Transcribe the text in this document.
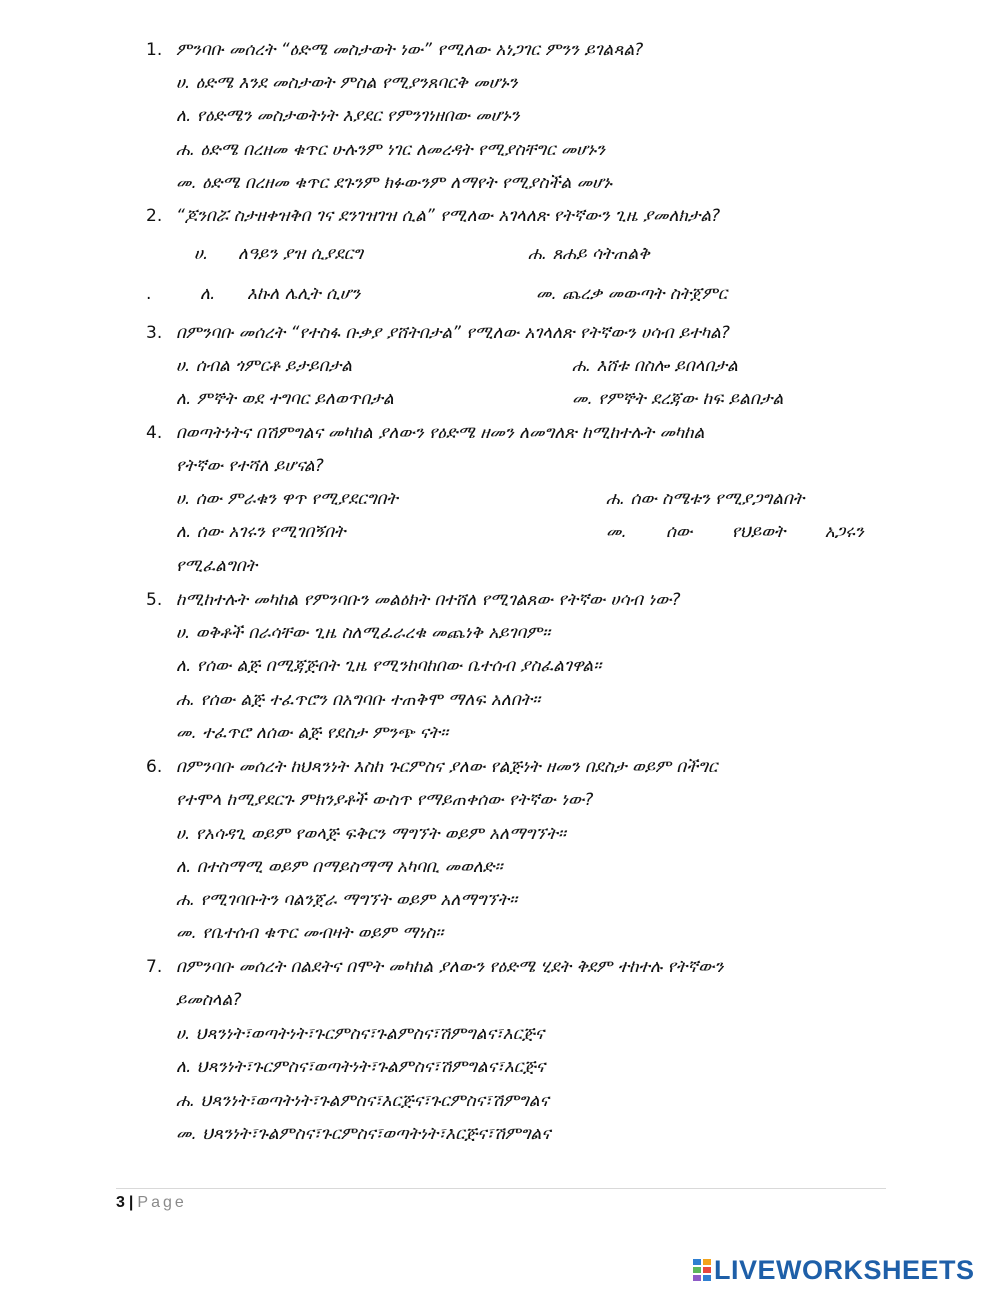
1. ምንባቡ መሰረት “ዕድሜ መስታወት ነው” የሚለው አነጋገር ምንን ይገልጻል?
ሀ. ዕድሜ እንደ መስታወት ምስል የሚያንጸባርቅ መሆኑን
ለ. የዕድሜን መስታወትነት እያደር የምንገነዘበው መሆኑን
ሐ. ዕድሜ በረዘመ ቁጥር ሁሉንም ነገር ለመረዳት የሚያስቸግር መሆኑን
መ. ዕድሜ በረዘመ ቁጥር ደጉንም ክፉውንም ለማየት የሚያስችል መሆኑ
2. “ጆንበሯ ስታዘቀዝቅበ ገና ደንገዝገዝ ሲል” የሚለው አገላለጽ የትኛውን ጊዜ ያመለክታል?
ሀ. ለዓይን ያዝ ሲያደርግ	ሐ. ጸሐይ ሳትጠልቅ
.	ለ. እኩለ ሌሊት ሲሆን	መ. ጨረቃ መውጣት ስትጀምር
3. በምንባቡ መሰረት “የተስፋ ቡቃያ ያሸትበታል” የሚለው አገላለጽ የትኛውን ሀሳብ ይተካል?
ሀ. ሰብል ጎምርቶ ይታይበታል	ሐ. እሸቱ በስሎ ይበላበታል
ለ. ምኞት ወደ ተግባር ይለወጥበታል	መ. የምኞት ደረጃው ከፍ ይልበታል
4. በወጣትነትና በሽምግልና መካከል ያለውን የዕድሜ ዘመን ለመግለጽ ከሚከተሉት መካከል
የትኛው የተሻለ ይሆናል?
ሀ. ሰው ምራቁን ዋጥ የሚያደርግበት	ሐ. ሰው ስሜቱን የሚያጋግልበት
ለ. ሰው አገሩን የሚገበኝበት	መ.	ሰው የህይወት አጋሩን
የሚፈልግበት
5. ከሚከተሉት መካከል የምንባቡን መልዕክት በተሸለ የሚገልጸው የትኛው ሀሳብ ነው?
ሀ. ወቅቶች በራሳቸው ጊዜ ስለሚፈራረቁ መጨነቅ አይገባም፡፡
ለ. የሰው ልጅ በሚጃጅበት ጊዜ የሚንከባከበው ቤተሰብ ያስፈልገዋል፡፡
ሐ. የሰው ልጅ ተፈጥሮን በአግባቡ ተጠቅሞ ማለፍ አለበት፡፡
መ. ተፈጥሮ ለሰው ልጅ የደስታ ምንጭ ናት፡፡
6. በምንባቡ መሰረት ከህጻንነት እስከ ጉርምስና ያለው የልጅነት ዘመን በደስታ ወይም በችግር
የተሞላ ከሚያደርጉ ምክንያቶች ውስጥ የማይጠቀሰው የትኛው ነው?
ሀ. የአሳዳጊ ወይም የወላጅ ፍቅርን ማግኘት ወይም አለማግኘት፡፡
ለ. በተስማሚ ወይም በማይስማማ አካባቢ መወለድ፡፡
ሐ. የሚገባቡትን ባልንጀራ ማግኘት ወይም አለማግኘት፡፡
መ. የቤተሰብ ቁጥር መብዛት ወይም ማነስ፡፡
7. በምንባቡ መሰረት በልደትና በሞት መካከል ያለውን የዕድሜ ሂደት ቅደም ተከተሉ የትኛውን
ይመስላል?
ሀ. ህጻንነት፣ወጣትነት፣ጉርምስና፣ጉልምስና፣ሽምግልና፣እርጅና
ለ. ህጻንነት፣ጉርምስና፣ወጣትነት፣ጉልምስና፣ሽምግልና፣እርጅና
ሐ. ህጻንነት፣ወጣትነት፣ጉልምስና፣እርጅና፣ጉርምስና፣ሽምግልና
መ. ህጻንነት፣ጉልምስና፣ጉርምስና፣ወጣትነት፣እርጅና፣ሽምግልና
3 | Page
LIVEWORKSHEETS
